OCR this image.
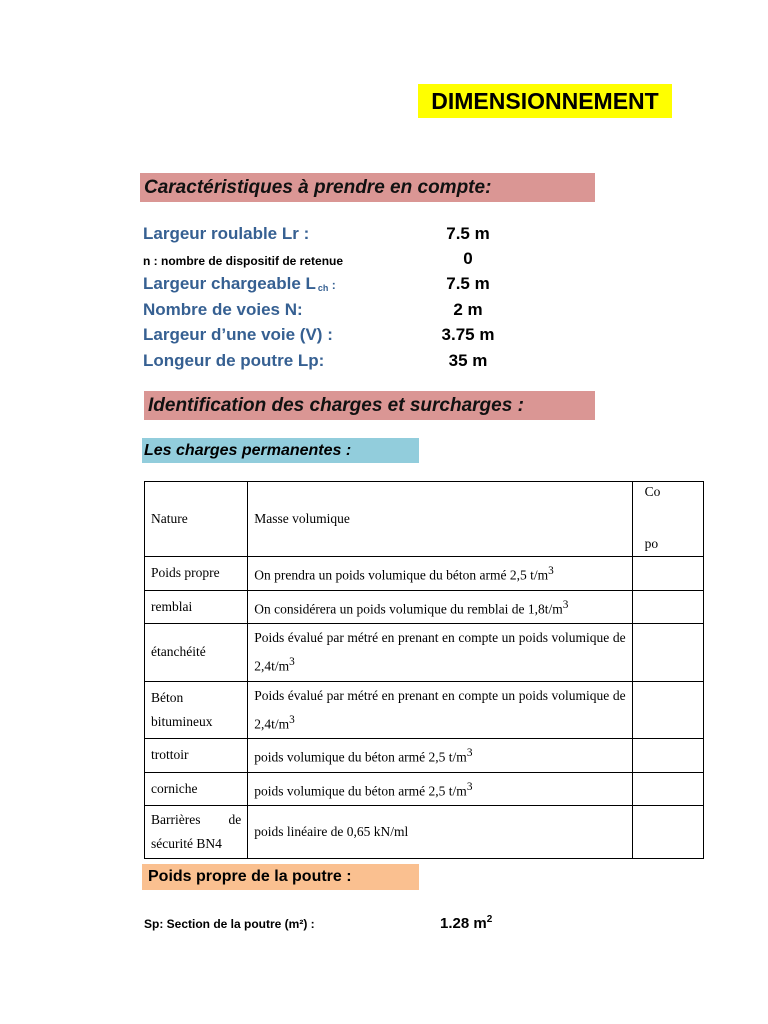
DIMENSIONNEMENT
Caractéristiques à prendre en compte:
Largeur roulable Lr :	7.5 m
n : nombre de dispositif de retenue	0
Largeur chargeable L ch :	7.5 m
Nombre de voies N:	2 m
Largeur d’une voie (V) :	3.75 m
Longeur de poutre Lp:	35 m
Identification des charges et surcharges :
Les charges permanentes :
Nature	Masse volumique	Co
po

Poids propre	On prendra un poids volumique du béton armé 2,5 $t/m^3$	
remblai	On considérera un poids volumique du remblai de $1,8t/m^3$	
étanchéité	Poids évalué par métré en prenant en compte un poids volumique de $2,4t/m^3$	
Béton bitumineux	Poids évalué par métré en prenant en compte un poids volumique de $2,4t/m^3$	
trottoir	poids volumique du béton armé 2,5 $t/m^3$	
corniche	poids volumique du béton armé 2,5 $t/m^3$	
Barrières de sécurité BN4	poids linéaire de 0,65 kN/ml	
Poids propre de la poutre :
Sp: Section de la poutre (m²) :	1.28 $m^2$
